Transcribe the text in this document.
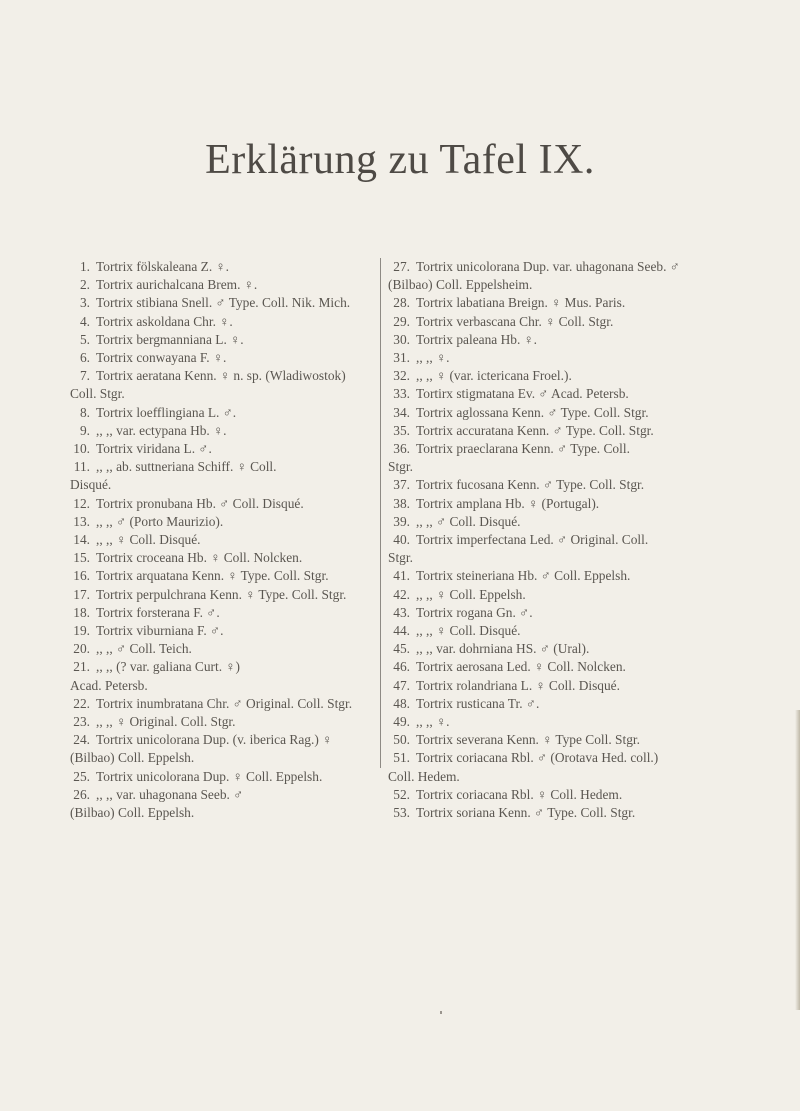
Erklärung zu Tafel IX.
1. Tortrix fölskaleana Z. ♀.
2. Tortrix aurichalcana Brem. ♀.
3. Tortrix stibiana Snell. ♂ Type. Coll. Nik. Mich.
4. Tortrix askoldana Chr. ♀.
5. Tortrix bergmanniana L. ♀.
6. Tortrix conwayana F. ♀.
7. Tortrix aeratana Kenn. ♀ n. sp. (Wladiwostok)
Coll. Stgr.
8. Tortrix loefflingiana L. ♂.
9. ,, ,, var. ectypana Hb. ♀.
10. Tortrix viridana L. ♂.
11. ,, ,, ab. suttneriana Schiff. ♀ Coll.
Disqué.
12. Tortrix pronubana Hb. ♂ Coll. Disqué.
13. ,, ,, ♂ (Porto Maurizio).
14. ,, ,, ♀ Coll. Disqué.
15. Tortrix croceana Hb. ♀ Coll. Nolcken.
16. Tortrix arquatana Kenn. ♀ Type. Coll. Stgr.
17. Tortrix perpulchrana Kenn. ♀ Type. Coll. Stgr.
18. Tortrix forsterana F. ♂.
19. Tortrix viburniana F. ♂.
20. ,, ,, ♂ Coll. Teich.
21. ,, ,, (? var. galiana Curt. ♀)
Acad. Petersb.
22. Tortrix inumbratana Chr. ♂ Original. Coll. Stgr.
23. ,, ,, ♀ Original. Coll. Stgr.
24. Tortrix unicolorana Dup. (v. iberica Rag.) ♀
(Bilbao) Coll. Eppelsh.
25. Tortrix unicolorana Dup. ♀ Coll. Eppelsh.
26. ,, ,, var. uhagonana Seeb. ♂
(Bilbao) Coll. Eppelsh.
27. Tortrix unicolorana Dup. var. uhagonana Seeb. ♂
(Bilbao) Coll. Eppelsheim.
28. Tortrix labatiana Breign. ♀ Mus. Paris.
29. Tortrix verbascana Chr. ♀ Coll. Stgr.
30. Tortrix paleana Hb. ♀.
31. ,, ,, ♀.
32. ,, ,, ♀ (var. ictericana Froel.).
33. Tortirx stigmatana Ev. ♂ Acad. Petersb.
34. Tortrix aglossana Kenn. ♂ Type. Coll. Stgr.
35. Tortrix accuratana Kenn. ♂ Type. Coll. Stgr.
36. Tortrix praeclarana Kenn. ♂ Type. Coll.
Stgr.
37. Tortrix fucosana Kenn. ♂ Type. Coll. Stgr.
38. Tortrix amplana Hb. ♀ (Portugal).
39. ,, ,, ♂ Coll. Disqué.
40. Tortrix imperfectana Led. ♂ Original. Coll.
Stgr.
41. Tortrix steineriana Hb. ♂ Coll. Eppelsh.
42. ,, ,, ♀ Coll. Eppelsh.
43. Tortrix rogana Gn. ♂.
44. ,, ,, ♀ Coll. Disqué.
45. ,, ,, var. dohrniana HS. ♂ (Ural).
46. Tortrix aerosana Led. ♀ Coll. Nolcken.
47. Tortrix rolandriana L. ♀ Coll. Disqué.
48. Tortrix rusticana Tr. ♂.
49. ,, ,, ♀.
50. Tortrix severana Kenn. ♀ Type Coll. Stgr.
51. Tortrix coriacana Rbl. ♂ (Orotava Hed. coll.)
Coll. Hedem.
52. Tortrix coriacana Rbl. ♀ Coll. Hedem.
53. Tortrix soriana Kenn. ♂ Type. Coll. Stgr.
